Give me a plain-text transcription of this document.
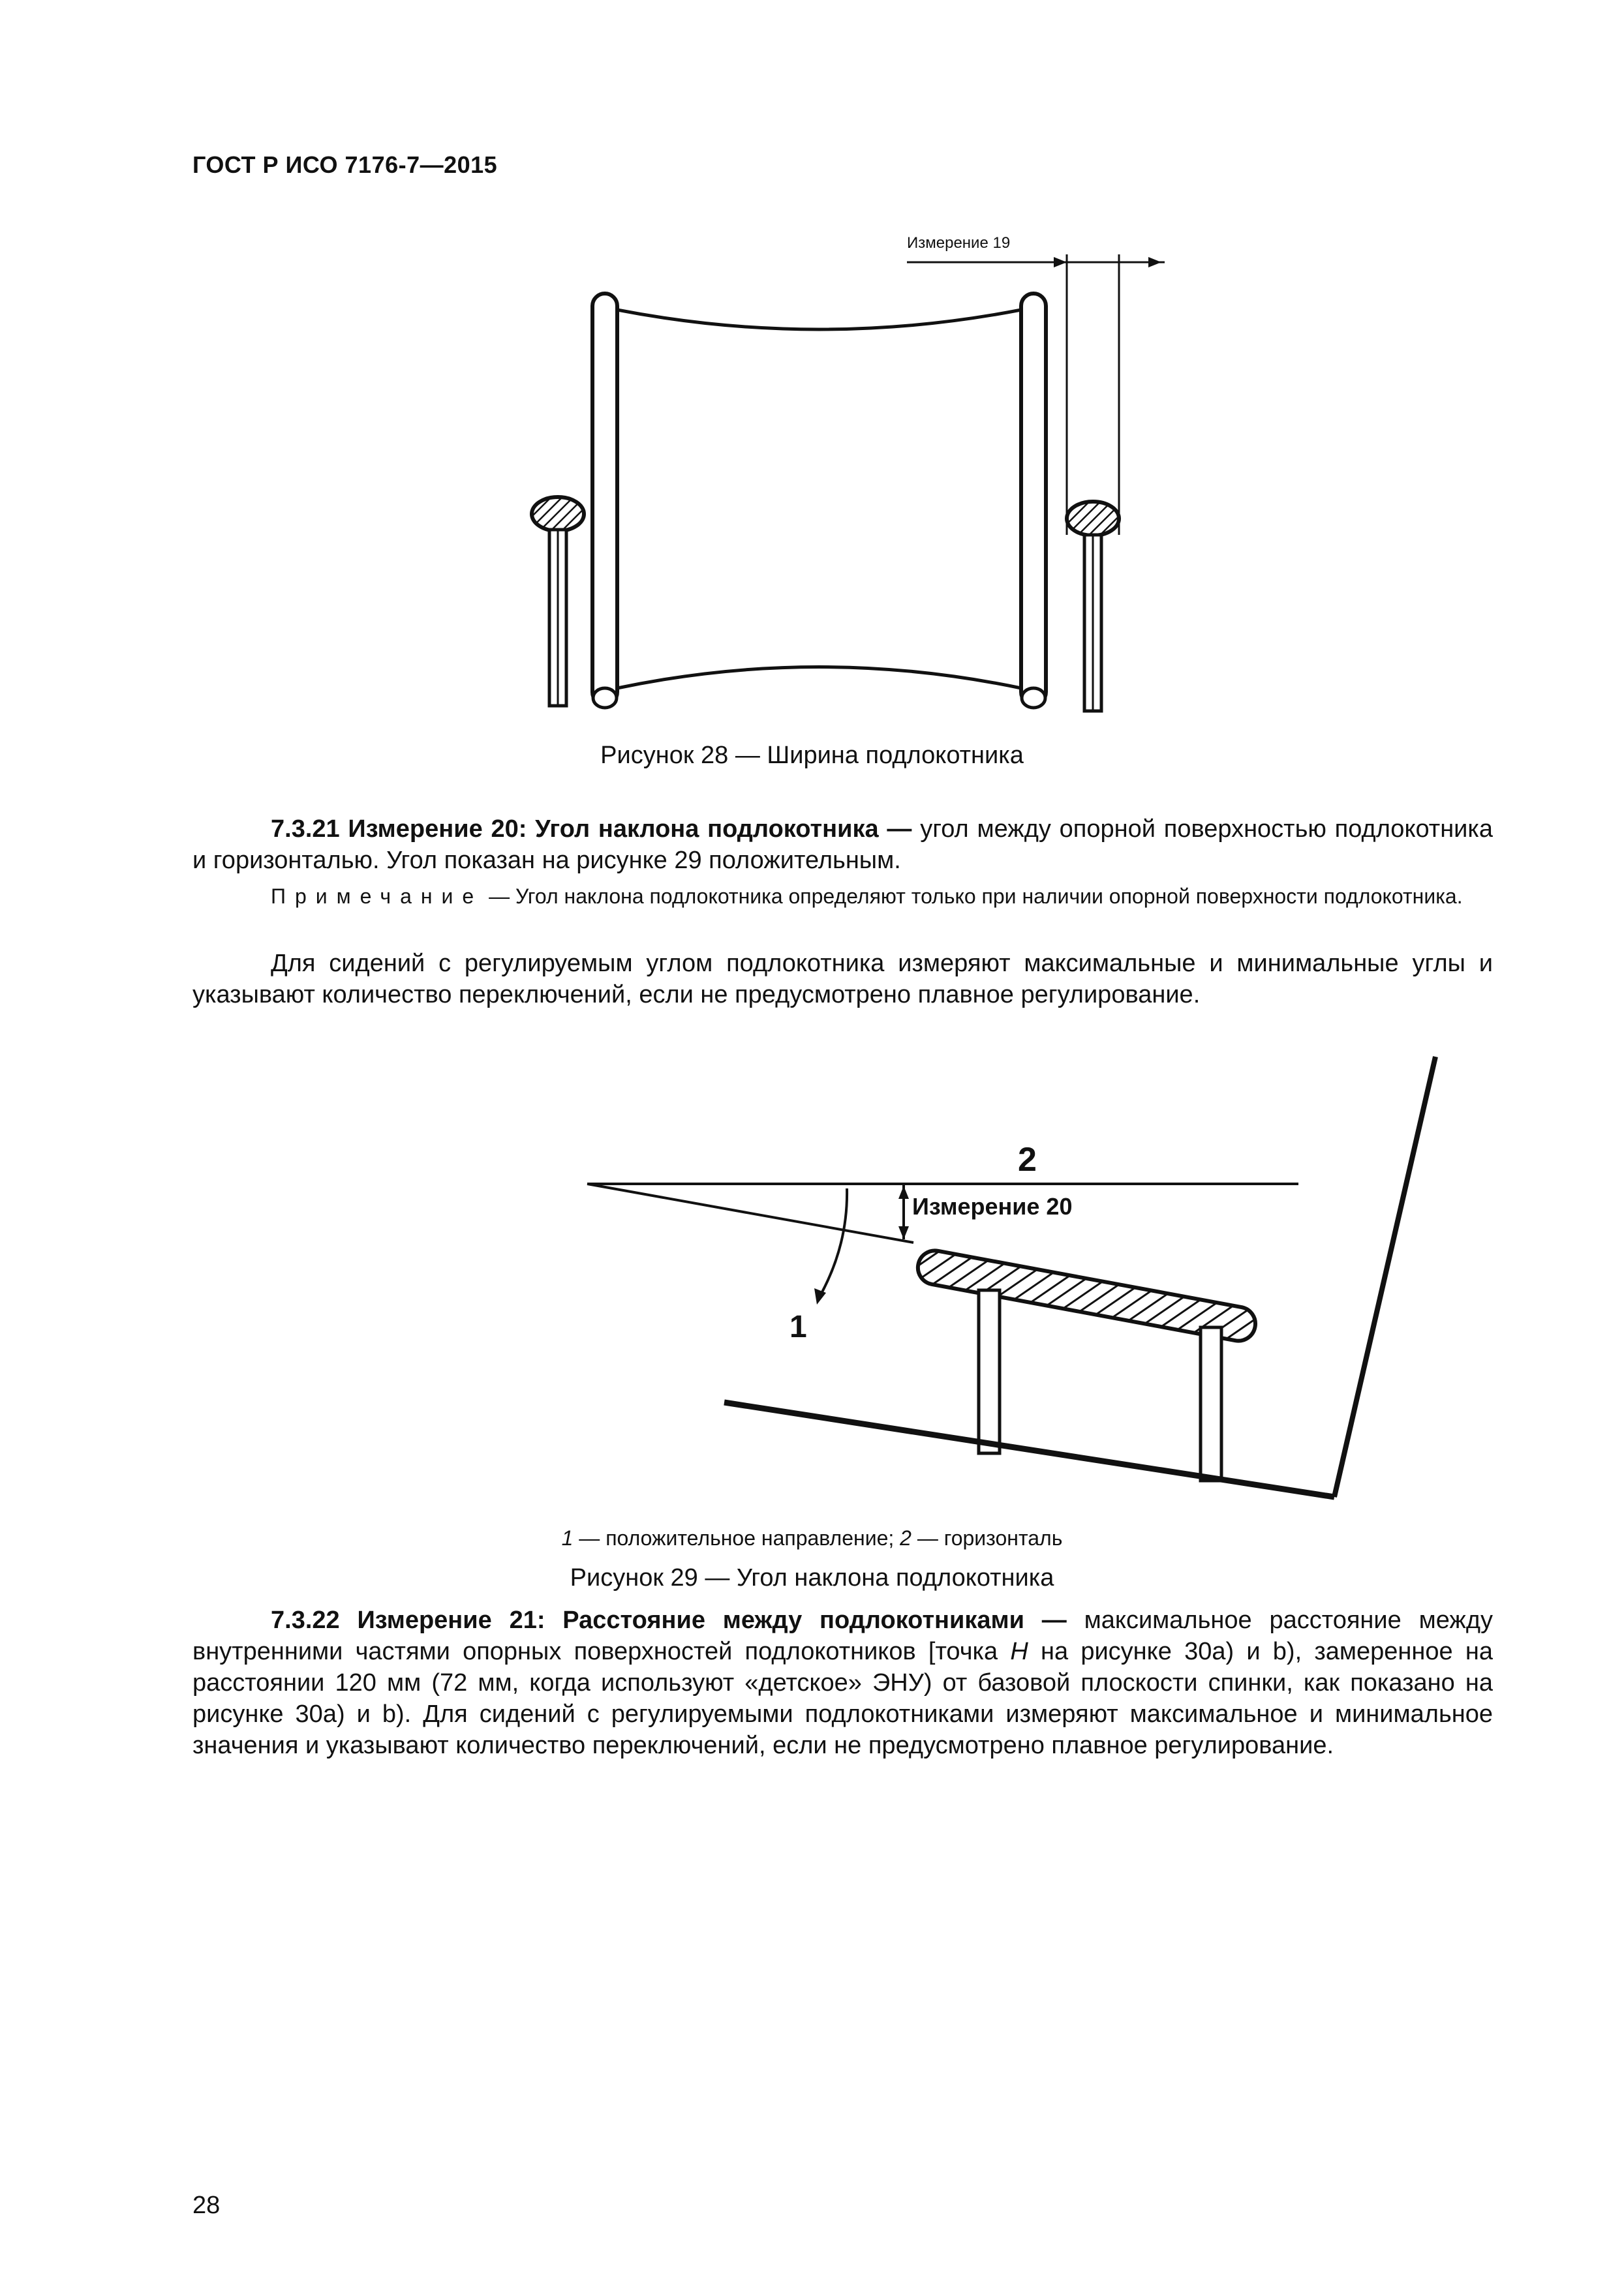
ГОСТ Р ИСО 7176-7—2015
Измерение 19
Рисунок 28 — Ширина подлокотника
7.3.21 Измерение 20: Угол наклона подлокотника — угол между опорной поверхностью подлокотника и горизонталью. Угол показан на рисунке 29 положительным.
Примечание — Угол наклона подлокотника определяют только при наличии опорной поверхности подлокотника.
Для сидений с регулируемым углом подлокотника измеряют максимальные и минимальные углы и указывают количество переключений, если не предусмотрено плавное регулирование.
2
Измерение 20
1
1 — положительное направление; 2 — горизонталь
Рисунок 29 — Угол наклона подлокотника
7.3.22 Измерение 21: Расстояние между подлокотниками — максимальное расстояние между внутренними частями опорных поверхностей подлокотников [точка H на рисунке 30a) и b), замеренное на расстоянии 120 мм (72 мм, когда используют «детское» ЭНУ) от базовой плоскости спинки, как показано на рисунке 30a) и b). Для сидений с регулируемыми подлокотниками измеряют максимальное и минимальное значения и указывают количество переключений, если не предусмотрено плавное регулирование.
28
